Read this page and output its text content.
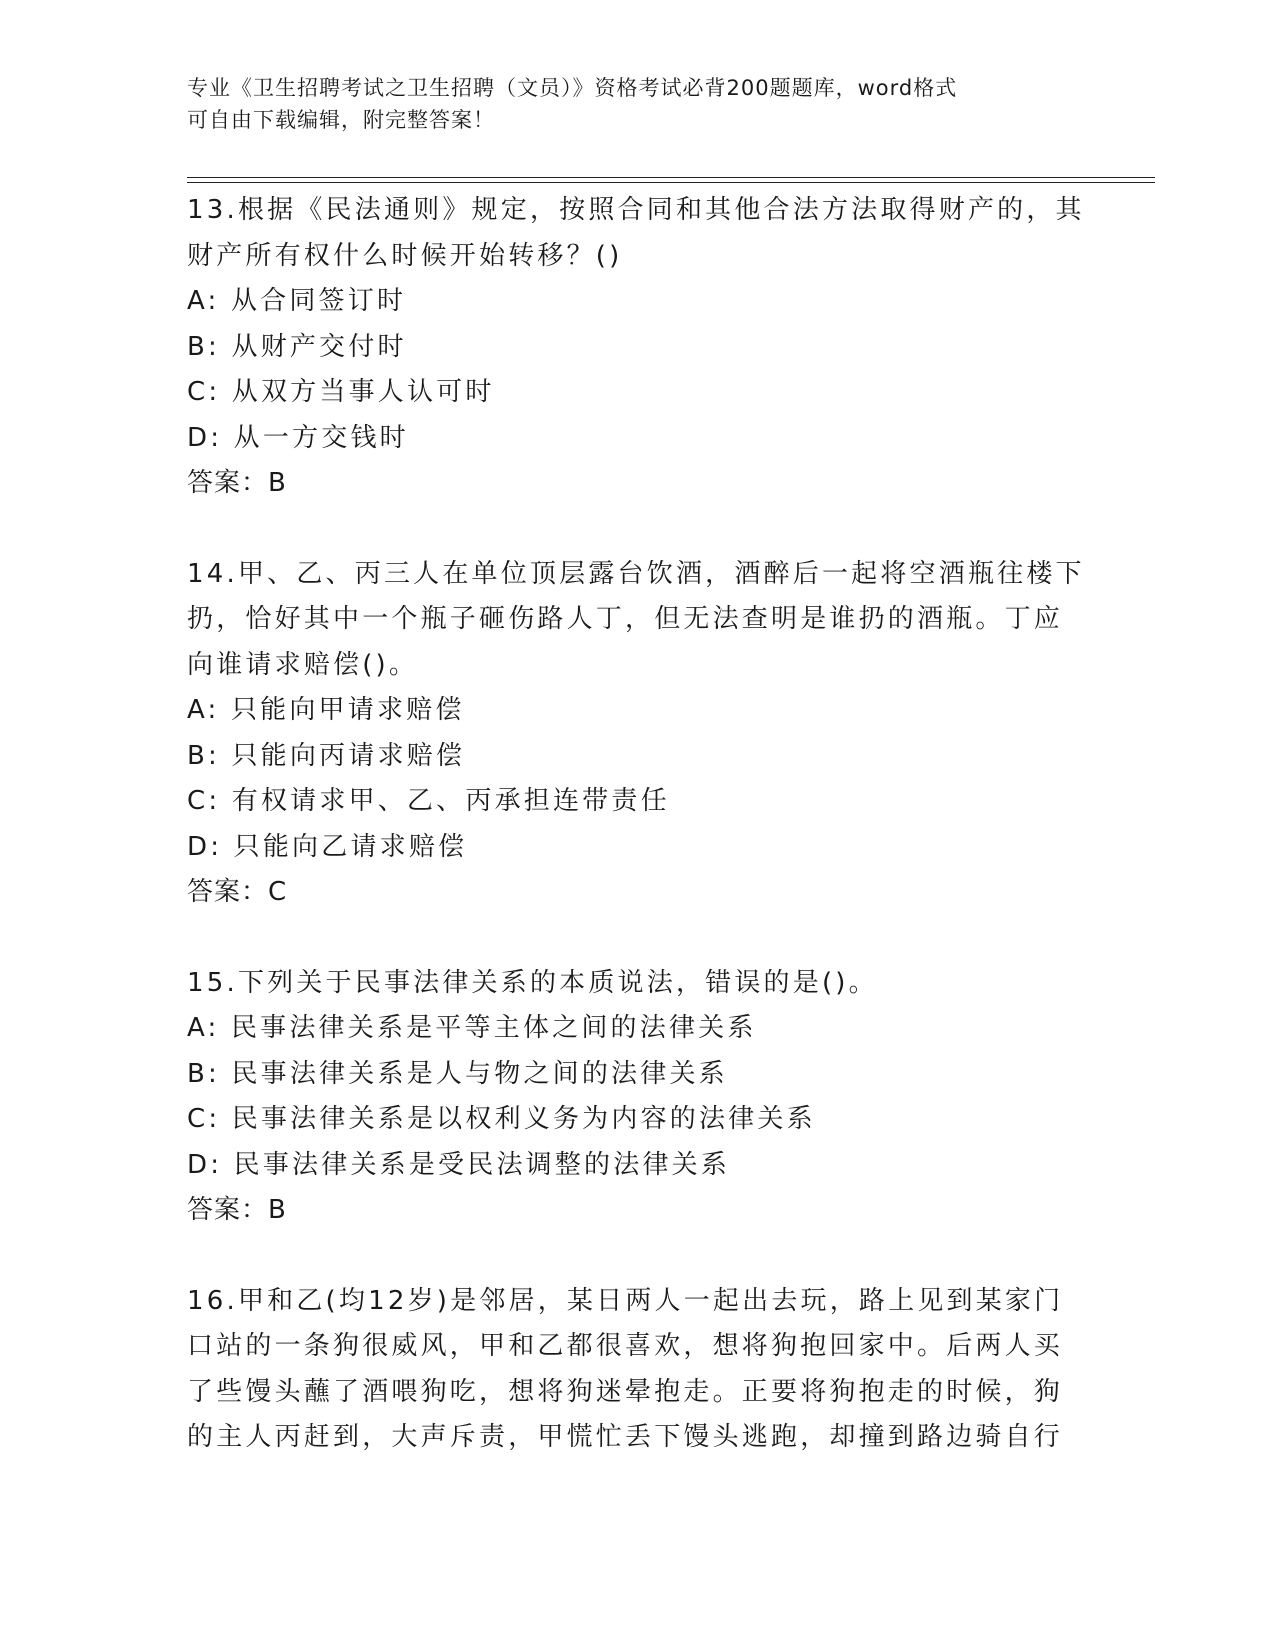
专业《卫生招聘考试之卫生招聘（文员）》资格考试必背200题题库，word格式
可自由下载编辑，附完整答案！
13.根据《民法通则》规定，按照合同和其他合法方法取得财产的，其
财产所有权什么时候开始转移？()
A: 从合同签订时
B: 从财产交付时
C: 从双方当事人认可时
D: 从一方交钱时
答案：B
14.甲、乙、丙三人在单位顶层露台饮酒，酒醉后一起将空酒瓶往楼下
扔，恰好其中一个瓶子砸伤路人丁，但无法查明是谁扔的酒瓶。丁应
向谁请求赔偿()。
A: 只能向甲请求赔偿
B: 只能向丙请求赔偿
C: 有权请求甲、乙、丙承担连带责任
D: 只能向乙请求赔偿
答案：C
15.下列关于民事法律关系的本质说法，错误的是()。
A: 民事法律关系是平等主体之间的法律关系
B: 民事法律关系是人与物之间的法律关系
C: 民事法律关系是以权利义务为内容的法律关系
D: 民事法律关系是受民法调整的法律关系
答案：B
16.甲和乙(均12岁)是邻居，某日两人一起出去玩，路上见到某家门
口站的一条狗很威风，甲和乙都很喜欢，想将狗抱回家中。后两人买
了些馒头蘸了酒喂狗吃，想将狗迷晕抱走。正要将狗抱走的时候，狗
的主人丙赶到，大声斥责，甲慌忙丢下馒头逃跑，却撞到路边骑自行
